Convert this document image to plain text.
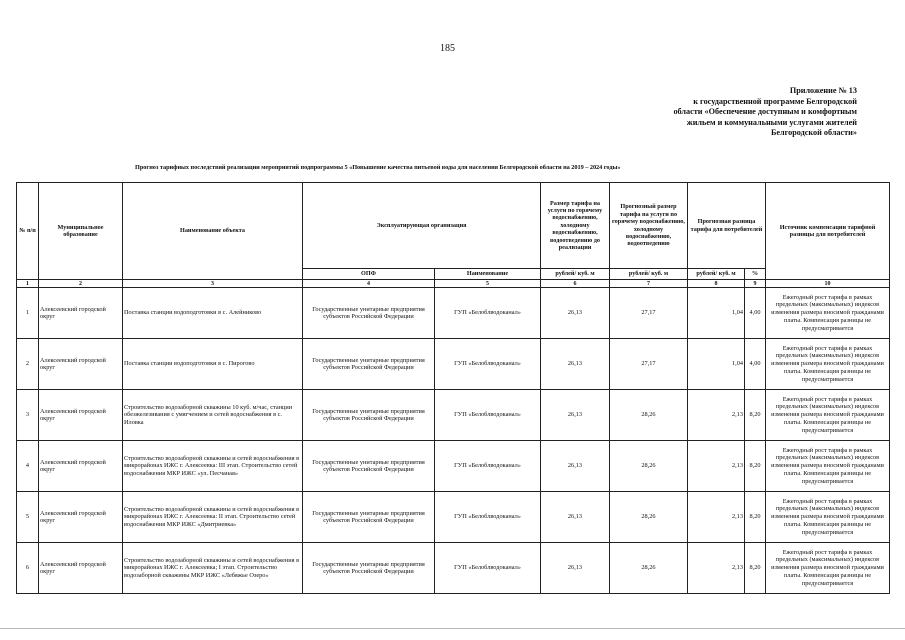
185
Приложение № 13
к государственной программе Белгородской
области «Обеспечение доступным и комфортным
жильем и коммунальными услугами жителей
Белгородской области»
Прогноз тарифных последствий реализации мероприятий подпрограммы 5 «Повышение качества питьевой воды для населения Белгородской области на 2019 – 2024 годы»
№ п/п	Муниципальное образование	Наименование объекта	Эксплуатирующая организация		Размер тарифа на услуги по горячему водоснабжению, холодному водоснабжению, водоотведению до реализации	Прогнозный размер тарифа на услуги по горячему водоснабжению, холодному водоснабжению, водоотведению	Прогнозная разница тарифа для потребителей		Источник компенсации тарифной разницы для потребителей
			ОПФ	Наименование	рублей/ куб. м	рублей/ куб. м	рублей/ куб. м	%	
1	2	3	4	5	6	7	8	9	10
1	Алексеевский городской округ	Поставка станции водоподготовки в с. Алейниково	Государственные унитарные предприятия субъектов Российской Федерации	ГУП «Белоблводоканал»	26,13	27,17	1,04	4,00	Ежегодный рост тарифа в рамках предельных (максимальных) индексов изменения размера вносимой гражданами платы. Компенсация разницы не предусматривается
2	Алексеевский городской округ	Поставка станции водоподготовки в с. Пирогово	Государственные унитарные предприятия субъектов Российской Федерации	ГУП «Белоблводоканал»	26,13	27,17	1,04	4,00	Ежегодный рост тарифа в рамках предельных (максимальных) индексов изменения размера вносимой гражданами платы. Компенсация разницы не предусматривается
3	Алексеевский городской округ	Строительство водозаборной скважины 10 куб. м/час, станции обезжелезивания с умягчением и сетей водоснабжения в с. Иловка	Государственные унитарные предприятия субъектов Российской Федерации	ГУП «Белоблводоканал»	26,13	28,26	2,13	8,20	Ежегодный рост тарифа в рамках предельных (максимальных) индексов изменения размера вносимой гражданами платы. Компенсация разницы не предусматривается
4	Алексеевский городской округ	Строительство водозаборной скважины и сетей водоснабжения в микрорайонах ИЖС г. Алексеевка: III этап. Строительство сетей водоснабжения МКР ИЖС «ул. Песчаная»	Государственные унитарные предприятия субъектов Российской Федерации	ГУП «Белоблводоканал»	26,13	28,26	2,13	8,20	Ежегодный рост тарифа в рамках предельных (максимальных) индексов изменения размера вносимой гражданами платы. Компенсация разницы не предусматривается
5	Алексеевский городской округ	Строительство водозаборной скважины и сетей водоснабжения в микрорайонах ИЖС г. Алексеевка: II этап. Строительство сетей водоснабжения МКР ИЖС «Дмитриевка»	Государственные унитарные предприятия субъектов Российской Федерации	ГУП «Белоблводоканал»	26,13	28,26	2,13	8,20	Ежегодный рост тарифа в рамках предельных (максимальных) индексов изменения размера вносимой гражданами платы. Компенсация разницы не предусматривается
6	Алексеевский городской округ	Строительство водозаборной скважины и сетей водоснабжения в микрорайонах ИЖС г. Алексеевка; I этап. Строительство водозаборной скважины МКР ИЖС «Лебяжье Озеро»	Государственные унитарные предприятия субъектов Российской Федерации	ГУП «Белоблводоканал»	26,13	28,26	2,13	8,20	Ежегодный рост тарифа в рамках предельных (максимальных) индексов изменения размера вносимой гражданами платы. Компенсация разницы не предусматривается
